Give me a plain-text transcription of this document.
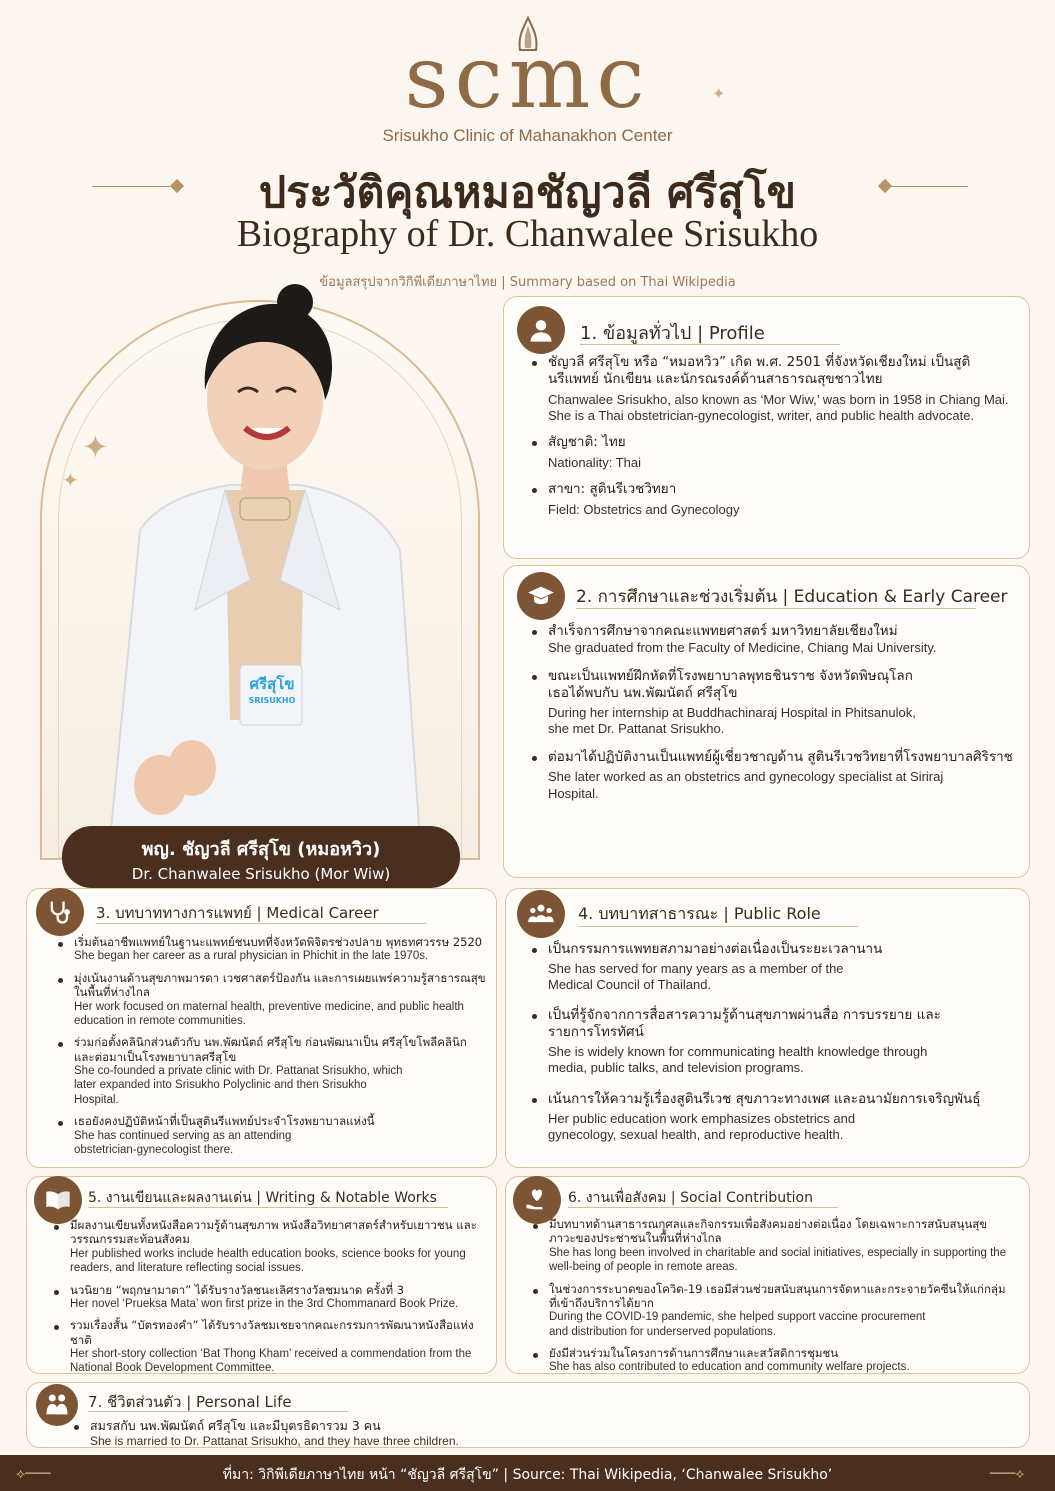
scmc
Srisukho Clinic of Mahanakhon Center
✦
ประวัติคุณหมอชัญวลี ศรีสุโข
Biography of Dr. Chanwalee Srisukho
ข้อมูลสรุปจากวิกิพีเดียภาษาไทย | Summary based on Thai Wikipedia
✦
✦
ศรีสุโข
SRISUKHO
พญ. ชัญวลี ศรีสุโข (หมอหวิว)
Dr. Chanwalee Srisukho (Mor Wiw)
1. ข้อมูลทั่วไป | Profile
ชัญวลี ศรีสุโข หรือ “หมอหวิว” เกิด พ.ศ. 2501 ที่จังหวัดเชียงใหม่ เป็นสูตินรีแพทย์ นักเขียน และนักรณรงค์ด้านสาธารณสุขชาวไทย
Chanwalee Srisukho, also known as ‘Mor Wiw,’ was born in 1958 in Chiang Mai. She is a Thai obstetrician-gynecologist, writer, and public health advocate.
สัญชาติ: ไทย
Nationality: Thai
สาขา: สูตินรีเวชวิทยา
Field: Obstetrics and Gynecology
2. การศึกษาและช่วงเริ่มต้น | Education & Early Career
สำเร็จการศึกษาจากคณะแพทยศาสตร์ มหาวิทยาลัยเชียงใหม่
She graduated from the Faculty of Medicine, Chiang Mai University.
ขณะเป็นแพทย์ฝึกหัดที่โรงพยาบาลพุทธชินราช จังหวัดพิษณุโลก เธอได้พบกับ นพ.พัฒนัตถ์ ศรีสุโข
During her internship at Buddhachinaraj Hospital in Phitsanulok, she met Dr. Pattanat Srisukho.
ต่อมาได้ปฏิบัติงานเป็นแพทย์ผู้เชี่ยวชาญด้าน สูตินรีเวชวิทยาที่โรงพยาบาลศิริราช
She later worked as an obstetrics and gynecology specialist at Siriraj Hospital.
3. บทบาททางการแพทย์ | Medical Career
เริ่มต้นอาชีพแพทย์ในฐานะแพทย์ชนบทที่จังหวัดพิจิตรช่วงปลาย พุทธทศวรรษ 2520
She began her career as a rural physician in Phichit in the late 1970s.
มุ่งเน้นงานด้านสุขภาพมารดา เวชศาสตร์ป้องกัน และการเผยแพร่ความรู้สาธารณสุขในพื้นที่ห่างไกล
Her work focused on maternal health, preventive medicine, and public health education in remote communities.
ร่วมก่อตั้งคลินิกส่วนตัวกับ นพ.พัฒนัตถ์ ศรีสุโข ก่อนพัฒนาเป็น ศรีสุโขโพลีคลินิก และต่อมาเป็นโรงพยาบาลศรีสุโข
She co-founded a private clinic with Dr. Pattanat Srisukho, which later expanded into Srisukho Polyclinic and then Srisukho Hospital.
เธอยังคงปฏิบัติหน้าที่เป็นสูตินรีแพทย์ประจำโรงพยาบาลแห่งนี้
She has continued serving as an attending obstetrician-gynecologist there.
4. บทบาทสาธารณะ | Public Role
เป็นกรรมการแพทยสภามาอย่างต่อเนื่องเป็นระยะเวลานาน
She has served for many years as a member of the Medical Council of Thailand.
เป็นที่รู้จักจากการสื่อสารความรู้ด้านสุขภาพผ่านสื่อ การบรรยาย และรายการโทรทัศน์
She is widely known for communicating health knowledge through media, public talks, and television programs.
เน้นการให้ความรู้เรื่องสูตินรีเวช สุขภาวะทางเพศ และอนามัยการเจริญพันธุ์
Her public education work emphasizes obstetrics and gynecology, sexual health, and reproductive health.
5. งานเขียนและผลงานเด่น | Writing & Notable Works
มีผลงานเขียนทั้งหนังสือความรู้ด้านสุขภาพ หนังสือวิทยาศาสตร์สำหรับเยาวชน และวรรณกรรมสะท้อนสังคม
Her published works include health education books, science books for young readers, and literature reflecting social issues.
นวนิยาย “พฤกษามาตา” ได้รับรางวัลชนะเลิศรางวัลชมนาด ครั้งที่ 3
Her novel ‘Prueksa Mata’ won first prize in the 3rd Chommanard Book Prize.
รวมเรื่องสั้น “บัตรทองคำ” ได้รับรางวัลชมเชยจากคณะกรรมการพัฒนาหนังสือแห่งชาติ
Her short-story collection ‘Bat Thong Kham’ received a commendation from the National Book Development Committee.
6. งานเพื่อสังคม | Social Contribution
มีบทบาทด้านสาธารณกุศลและกิจกรรมเพื่อสังคมอย่างต่อเนื่อง โดยเฉพาะการสนับสนุนสุขภาวะของประชาชนในพื้นที่ห่างไกล
She has long been involved in charitable and social initiatives, especially in supporting the well-being of people in remote areas.
ในช่วงการระบาดของโควิด-19 เธอมีส่วนช่วยสนับสนุนการจัดหาและกระจายวัคซีนให้แก่กลุ่มที่เข้าถึงบริการได้ยาก
During the COVID-19 pandemic, she helped support vaccine procurement and distribution for underserved populations.
ยังมีส่วนร่วมในโครงการด้านการศึกษาและสวัสดิการชุมชน
She has also contributed to education and community welfare projects.
7. ชีวิตส่วนตัว | Personal Life
สมรสกับ นพ.พัฒนัตถ์ ศรีสุโข และมีบุตรธิดารวม 3 คน
She is married to Dr. Pattanat Srisukho, and they have three children.
ที่มา: วิกิพีเดียภาษาไทย หน้า “ชัญวลี ศรีสุโข” | Source: Thai Wikipedia, ‘Chanwalee Srisukho’
⟡───	───⟡
